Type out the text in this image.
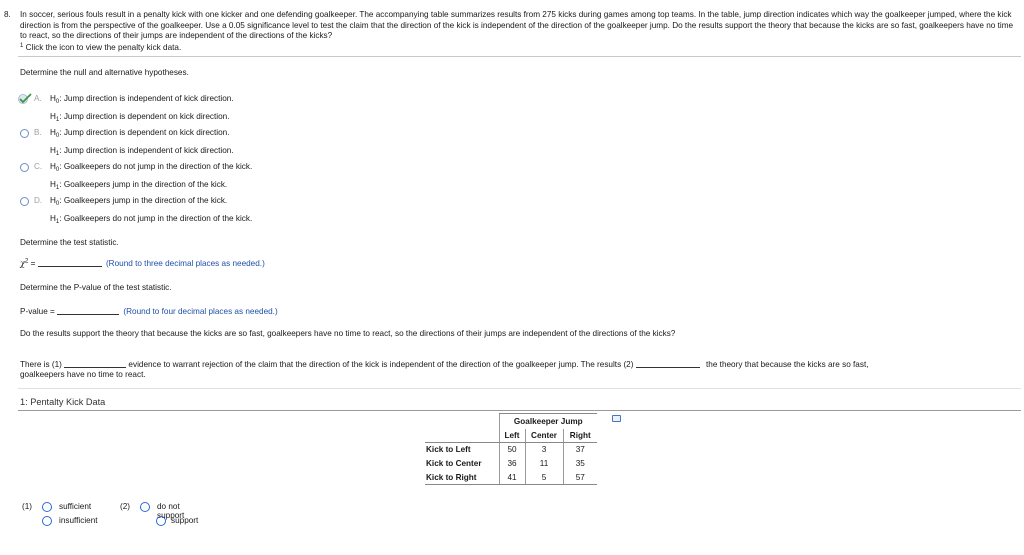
8. In soccer, serious fouls result in a penalty kick with one kicker and one defending goalkeeper. The accompanying table summarizes results from 275 kicks during games among top teams. In the table, jump direction indicates which way the goalkeeper jumped, where the kick direction is from the perspective of the goalkeeper. Use a 0.05 significance level to test the claim that the direction of the kick is independent of the direction of the goalkeeper jump. Do the results support the theory that because the kicks are so fast, goalkeepers have no time to react, so the directions of their jumps are independent of the directions of the kicks?
$^1$ Click the icon to view the penalty kick data.
Determine the null and alternative hypotheses.
A. $H_0$: Jump direction is independent of kick direction.
$H_1$: Jump direction is dependent on kick direction.
B. $H_0$: Jump direction is dependent on kick direction.
$H_1$: Jump direction is independent of kick direction.
C. $H_0$: Goalkeepers do not jump in the direction of the kick.
$H_1$: Goalkeepers jump in the direction of the kick.
D. $H_0$: Goalkeepers jump in the direction of the kick.
$H_1$: Goalkeepers do not jump in the direction of the kick.
Determine the test statistic.
$\chi^2$ =	(Round to three decimal places as needed.)
Determine the P-value of the test statistic.
P-value =	(Round to four decimal places as needed.)
Do the results support the theory that because the kicks are so fast, goalkeepers have no time to react, so the directions of their jumps are independent of the directions of the kicks?
There is (1)	evidence to warrant rejection of the claim that the direction of the kick is independent of the direction of the goalkeeper jump. The results (2)	the theory that because the kicks are so fast,
goalkeepers have no time to react.
1: Pentalty Kick Data
	Goalkeeper Jump		
	Left	Center	Right
Kick to Left	50	3	37
Kick to Center	36	11	35
Kick to Right	41	5	57
(1)	sufficient
insufficient
(2)	do not support
support
